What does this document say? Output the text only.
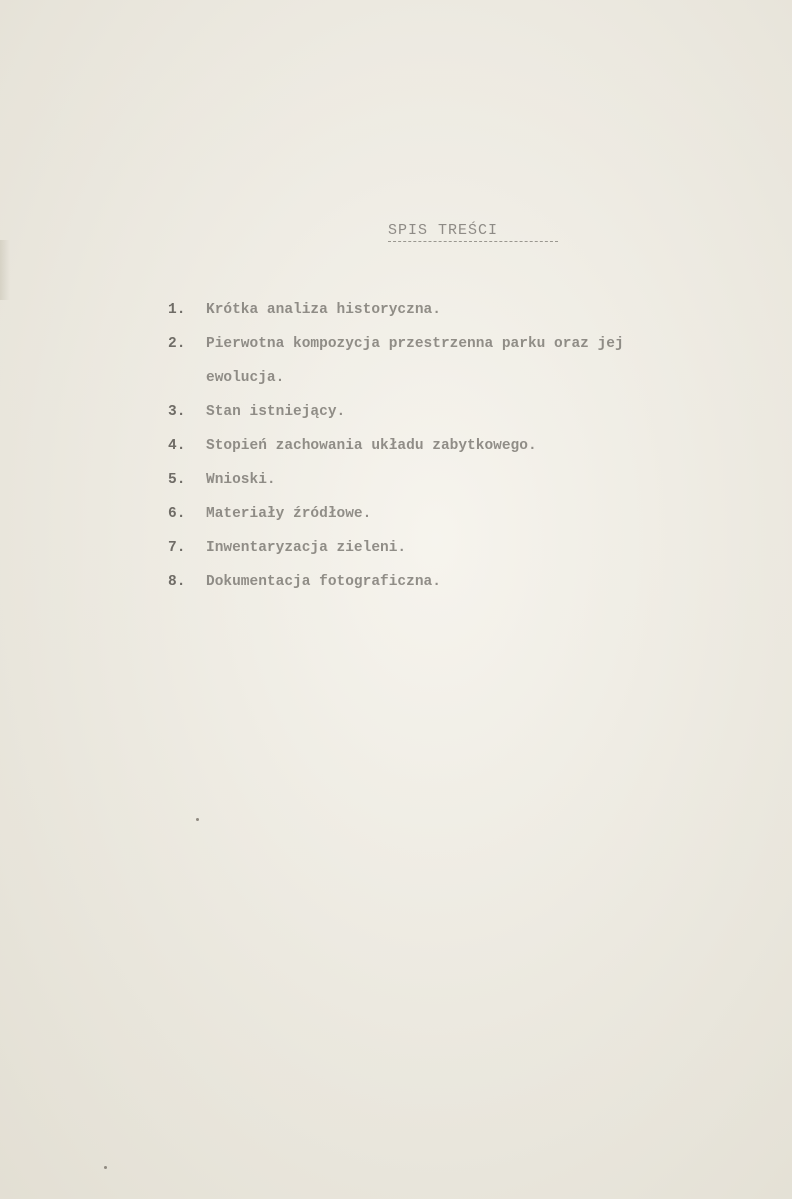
SPIS TREŚCI
1.	Krótka analiza historyczna.
2.	Pierwotna kompozycja przestrzenna parku oraz jej ewolucja.
3.	Stan istniejący.
4.	Stopień zachowania układu zabytkowego.
5.	Wnioski.
6.	Materiały źródłowe.
7.	Inwentaryzacja zieleni.
8.	Dokumentacja fotograficzna.
